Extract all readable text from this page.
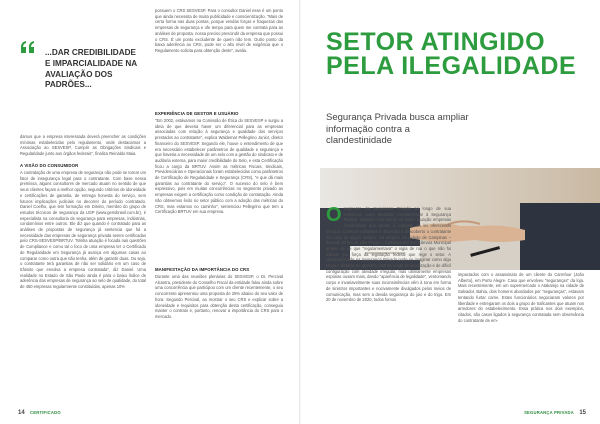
...DAR CREDIBILIDADE E IMPARCIALIDADE NA AVALIAÇÃO DOS PADRÕES...
damos que a empresa interessada deverá preencher as condições mínimas estabelecidas pelo regulamento, onde destacamos a Associação ao SESVESP, Cumprir as Obrigações Sindicais e Regularidade junto aos órgãos federais", finaliza Reinaldo Maia.
A VISÃO DO CONSUMIDOR
A contratação de uma empresa de segurança não pode se tornar um fator de insegurança legal para o contratante. Com base nessa premissa, alguns consultores de mercado atuam no sentido de que seus clientes façam a melhor opção, segundo critérios de idoneidade e certificações de garantia, de entrega honesta do serviço, sem futuros implicações judiciais no decorrer do período contratado. Daniel Coelho, que tem formação em Direito, membro do grupo de estudos técnicos de segurança da USP (www.gensbrasil.com.br), é especialista na consultoria de segurança para empresas, indústrias, condomínios entre outros. Ele diz que quando é contratado para as análises de propostas de segurança já sentencia que há a necessidade das empresas de segurança privada serem certificadas pelo CRS-SESVESP/BRTUV. "Minha atuação é focada nas questões de Compliance e como tal o foco de uma empresa ter o Certificado de Regularidade em Segurança já avança em algumas casas ao comparar como outra que não tenha, além de garantir duas. Ou seja, o contratante terá garantias de não ser solidário em um caso de trânsito que envolva a empresa contratada", diz Daniel. Uma realidade no Estado de São Paulo ainda é para o baixo índice de aderência das empresas de segurança ao selo de qualidade, do total de 450 empresas regularmente constituídas, apenas 10%
possuem o CRS SESVESP. Para o consultor Daniel esse é um ponto que ainda necessita de muita publicidade e conscientização. "Mais de certa forma nas duas pontas, porque vendas forças e fraquezas das empresas de segurança e ofe tempo para quem me contrata para as análises de proposta, nossa preciso prescindir da empresa que possui o CRS. É um ponto excludente de quem não tem. Outro ponto da baixa aderência ao CRS, pode ser o alto nível de exigência que o Regulamento solicita para obtenção deste", avalia.
EXPERIÊNCIA DE GESTOR E USUÁRIO
"Em 2002, estávamos na Comissão de Ética do SESVESP e surgiu a ideia de que deveria haver um diferencial para as empresas associadas com relação à segurança e qualidade dos serviços prestados ao contratante", explica Waldemar Pellegrino Junior, diretor financeiro do SESVESP. Segundo ele, houve o entendimento de que era necessário estabelecer parâmetros de qualidade e segurança e que haveria a necessidade de um selo com a gestão do sindicato e de auditoria externa, para maior credibilidade do Selo, e esta Certificação ficou a cargo da BRTUV. Assim as métricas Fiscais, Sindicais, Previdenciárias e Operacionais foram estabelecidas como parâmetros de Certificação de Regularidade e Segurança (CRS), "e que dá mais garantias ao contratante do serviço". O sucesso do selo é bem expressivo, pois em muitas concorrências no segmento privado as empresas exigem a certificação como condição de contratação. Ainda não obtivemos êxito no setor público com a adoção das métricas do CRS, mas estamos no caminho", sentenciou Pellegrino que tem a Certificação BRTUV em sua empresa.
MANIFESTAÇÃO DA IMPORTÂNCIA DO CRS
Durante uma das reuniões plenárias do SESVESP, o Dr. Percival Alcantra, presidente do Conselho Fiscal da entidade falou ainda sobre uma concorrência que participou com um cliente recentemente, o seu concorrente apresentou uma proposta de 25% abaixo do seu valor de hora. Segundo Percival, ao mostrar o seu CRS e explicar sobre a idoneidade e requisitos para obtenção desta certificação, conseguiu manter o contrato e, portanto, renovar a importância do CRS para o mercado.
14 CERTIFICADO
SETOR ATINGIDO PELA ILEGALIDADE
Segurança Privada busca ampliar informação contra a clandestinidade
Osegmento da Segurança Privada ao longo de sua existência como atividade complementar à Segurança Pública, enfrenta com menor ou maior atuação empresas clandestinas que atuam à margem da lei oferecendo serviços a preços aviltantes e deixando a descoberto o contratante em caso de algum sinistro. Há tempos, na cidade de Campinas – distante 90 km de São Paulo –, tramitava em sua Câmara Municipal projeto de lei que "regulamentava" o vigia de rua o que não foi adiante por força da legislação federal que rege o setor. A clandestinidade na Segurança Privada pode se imaginar como algo longe e distante de grandes centros, longe de fiscalização e de difícil configuração com atividade irregular, mas ultimamente empresas espúrias ousam mais, dando "aparência de legalidade", ventomando corpo e invariavelmente suas inconsistências vêm à tona em forma de sinistros importantes e nocivamente divulgados pelos meios de comunicação, mas sem a devida segurança do joio e do trigo. Em 20 de novembro de 2020, todos fomos
impactados com o assassinato de um cliente do Carrefour (João Alberto), em Porto Alegre. Caso que envolveu "seguranças" da loja. Mais recentemente, em um supermercado o Atakarejo na cidade de Salvador, Bahia, dois homens abordados por "seguranças", estavam tentando furtar carne. Estes funcionários negociaram valores por liberdade e entregaram os dois a grupo de traficantes que atuam nos arredores do estabelecimento. Essa prática nos dois exemplos, citados, são casos ligados à segurança contratada sem observância do contratante de em-
SEGURANÇA PRIVADA 15
